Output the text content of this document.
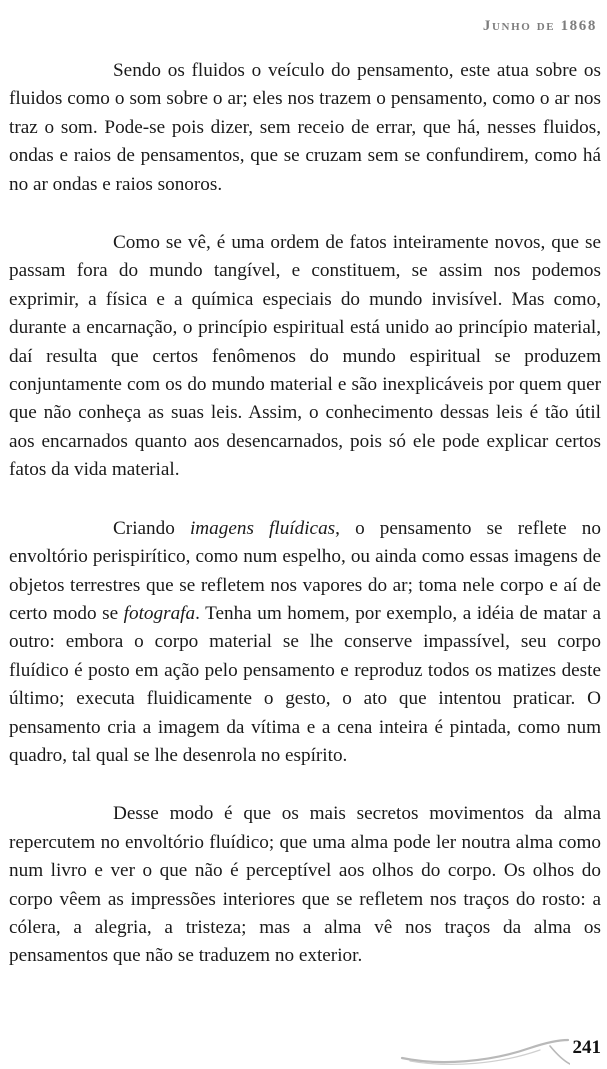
Junho de 1868

Sendo os fluidos o veículo do pensamento, este atua sobre os fluidos como o som sobre o ar; eles nos trazem o pensamento, como o ar nos traz o som. Pode-se pois dizer, sem receio de errar, que há, nesses fluidos, ondas e raios de pensamentos, que se cruzam sem se confundirem, como há no ar ondas e raios sonoros.

Como se vê, é uma ordem de fatos inteiramente novos, que se passam fora do mundo tangível, e constituem, se assim nos podemos exprimir, a física e a química especiais do mundo invisível. Mas como, durante a encarnação, o princípio espiritual está unido ao princípio material, daí resulta que certos fenômenos do mundo espiritual se produzem conjuntamente com os do mundo material e são inexplicáveis por quem quer que não conheça as suas leis. Assim, o conhecimento dessas leis é tão útil aos encarnados quanto aos desencarnados, pois só ele pode explicar certos fatos da vida material.

Criando imagens fluídicas, o pensamento se reflete no envoltório perispirítico, como num espelho, ou ainda como essas imagens de objetos terrestres que se refletem nos vapores do ar; toma nele corpo e aí de certo modo se fotografa. Tenha um homem, por exemplo, a idéia de matar a outro: embora o corpo material se lhe conserve impassível, seu corpo fluídico é posto em ação pelo pensamento e reproduz todos os matizes deste último; executa fluidicamente o gesto, o ato que intentou praticar. O pensamento cria a imagem da vítima e a cena inteira é pintada, como num quadro, tal qual se lhe desenrola no espírito.

Desse modo é que os mais secretos movimentos da alma repercutem no envoltório fluídico; que uma alma pode ler noutra alma como num livro e ver o que não é perceptível aos olhos do corpo. Os olhos do corpo vêem as impressões interiores que se refletem nos traços do rosto: a cólera, a alegria, a tristeza; mas a alma vê nos traços da alma os pensamentos que não se traduzem no exterior.

241
